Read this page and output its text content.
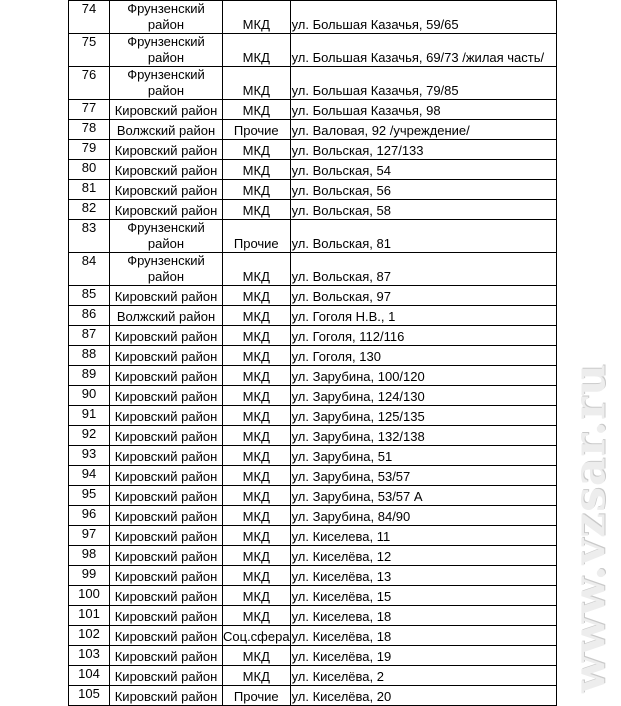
74	Фрунзенский район	МКД	ул. Большая Казачья, 59/65
75	Фрунзенский район	МКД	ул. Большая Казачья, 69/73 /жилая часть/
76	Фрунзенский район	МКД	ул. Большая Казачья, 79/85
77	Кировский район	МКД	ул. Большая Казачья, 98
78	Волжский район	Прочие	ул. Валовая, 92 /учреждение/
79	Кировский район	МКД	ул. Вольская, 127/133
80	Кировский район	МКД	ул. Вольская, 54
81	Кировский район	МКД	ул. Вольская, 56
82	Кировский район	МКД	ул. Вольская, 58
83	Фрунзенский район	Прочие	ул. Вольская, 81
84	Фрунзенский район	МКД	ул. Вольская, 87
85	Кировский район	МКД	ул. Вольская, 97
86	Волжский район	МКД	ул. Гоголя Н.В., 1
87	Кировский район	МКД	ул. Гоголя, 112/116
88	Кировский район	МКД	ул. Гоголя, 130
89	Кировский район	МКД	ул. Зарубина, 100/120
90	Кировский район	МКД	ул. Зарубина, 124/130
91	Кировский район	МКД	ул. Зарубина, 125/135
92	Кировский район	МКД	ул. Зарубина, 132/138
93	Кировский район	МКД	ул. Зарубина, 51
94	Кировский район	МКД	ул. Зарубина, 53/57
95	Кировский район	МКД	ул. Зарубина, 53/57 А
96	Кировский район	МКД	ул. Зарубина, 84/90
97	Кировский район	МКД	ул. Киселева, 11
98	Кировский район	МКД	ул. Киселёва, 12
99	Кировский район	МКД	ул. Киселёва, 13
100	Кировский район	МКД	ул. Киселёва, 15
101	Кировский район	МКД	ул. Киселева, 18
102	Кировский район	Соц.сфера	ул. Киселёва, 18
103	Кировский район	МКД	ул. Киселёва, 19
104	Кировский район	МКД	ул. Киселёва, 2
105	Кировский район	Прочие	ул. Киселёва, 20
www.vzsar.ru
